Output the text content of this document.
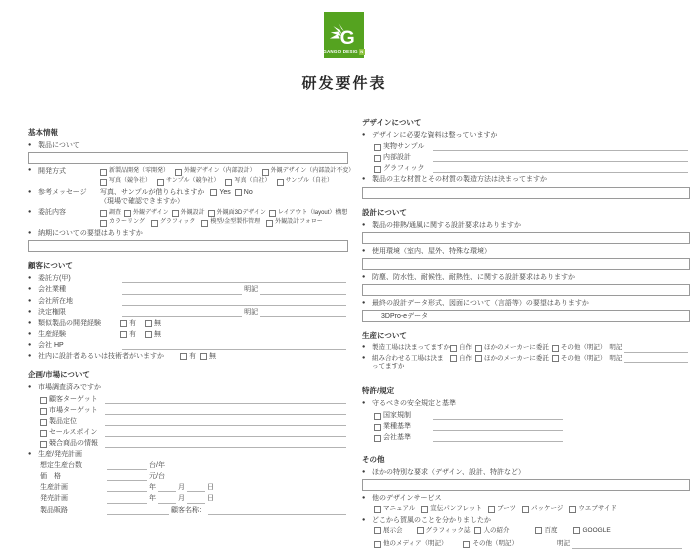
G
GANGO DESIG N
研发要件表
基本情報
●
製品について
●
開発方式	新製品開発（零開発）	外観デザイン（内部設計）	外観デザイン（内部設計不変）
写真（競争社）	サンプル（競争社）	写真（自社）	サンプル（自社）
●
参考メッセージ	写真、サンプルが借りられますか Yes No
（現場で確認できますか）
●
委託内容	調査 外観デザイン 外観設計 外観面3Dデザイン レイアウト（layout）構想
カラーリング	グラフィック	模型/金型製作管理	外観設計フォロー
●
納期についての要望はありますか
顧客について
●
委託方(甲)
●
会社業種	明記
●
会社所在地
●
決定権限	明記
●
類似製品の開発経験	有	無
●
生産経験	有	無
●
会社 HP
●
社内に設計者あるいは技術者がいますか	有 無
企画/市場について
●
市場調査済みですか
顧客ターゲット
市場ターゲット
製品定位
セールスポイン
競合商品の情報
●
生産/発売計画
想定生産台数	台/年
価　格	元/台
生産計画	年	月	日
発売計画	年	月	日
製品販路	顧客名称：
デザインについて
●
デザインに必要な資料は整っていますか
実物サンプル
内部設計
グラフィック
●
製品の主な材質とその材質の製造方法は決まってますか
設計について
●
製品の排熱/通風に関する設計要求はありますか
●
使用環境（室内、屋外、特殊な環境）
●
防塵、防水性、耐候性、耐熱性、に関する設計要求はありますか
●
最終の設計データ形式、図面について（言語等）の要望はありますか
3DPro-eデータ
生産について
●
製造工場は決まってますか 自作 ほかのメーカーに委託 その他（明記） 明記
●
組み合わせる工場は決ま
ってますか
自作 ほかのメーカーに委託 その他（明記） 明記
特許/規定
●
守るべきの安全規定と基準
国家規制
業種基準
会社基準
その他
●
ほかの特別な要求（デザイン、設計、特許など）
●
他のデザインサービス
マニュアル 宣伝パンフレット ブーツ パッケージ ウエブサイド
●
どこから賀風のことを分かりましたか
展示会	グラフィック誌 人の紹介	百度	GOOGLE
他のメディア（明記）	その他（明記）	明記
